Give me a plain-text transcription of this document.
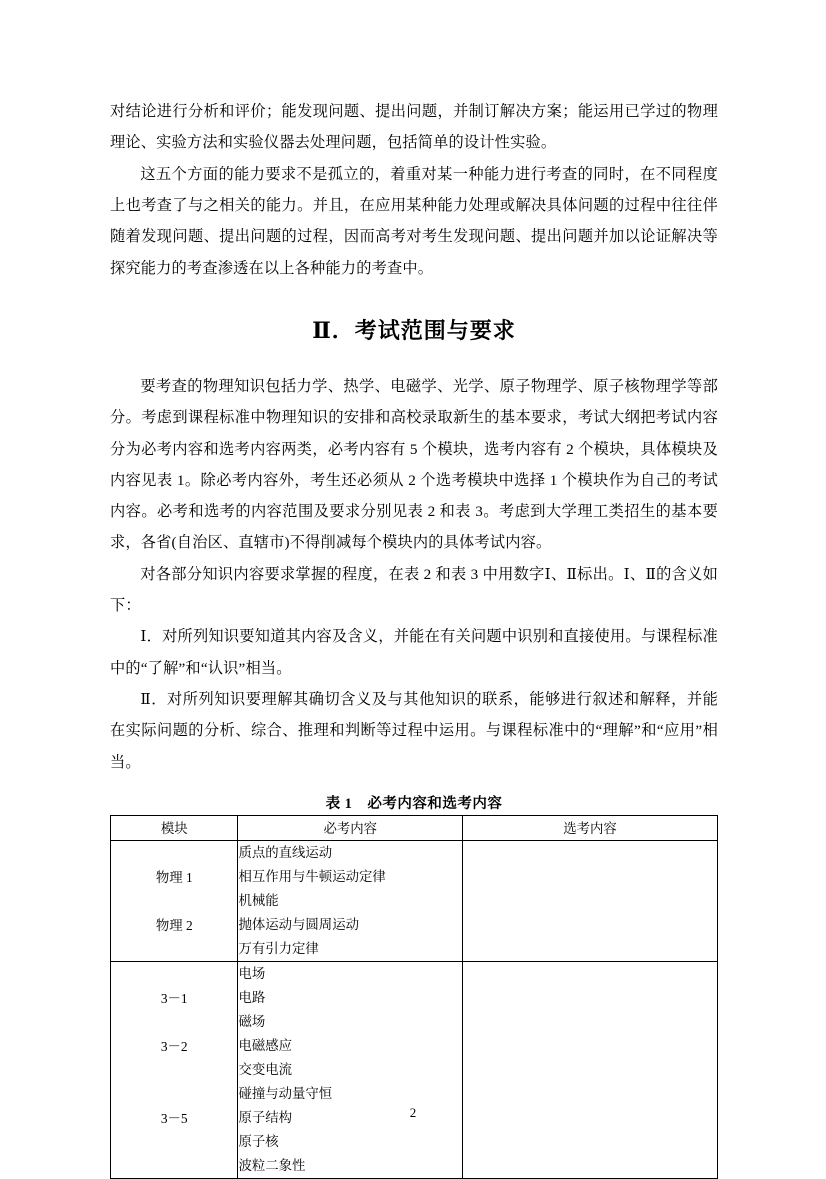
对结论进行分析和评价；能发现问题、提出问题，并制订解决方案；能运用已学过的物理理论、实验方法和实验仪器去处理问题，包括简单的设计性实验。

这五个方面的能力要求不是孤立的，着重对某一种能力进行考查的同时，在不同程度上也考查了与之相关的能力。并且，在应用某种能力处理或解决具体问题的过程中往往伴随着发现问题、提出问题的过程，因而高考对考生发现问题、提出问题并加以论证解决等探究能力的考查渗透在以上各种能力的考查中。

Ⅱ．考试范围与要求

要考查的物理知识包括力学、热学、电磁学、光学、原子物理学、原子核物理学等部分。考虑到课程标准中物理知识的安排和高校录取新生的基本要求，考试大纲把考试内容分为必考内容和选考内容两类，必考内容有 5 个模块，选考内容有 2 个模块，具体模块及内容见表 1。除必考内容外，考生还必须从 2 个选考模块中选择 1 个模块作为自己的考试内容。必考和选考的内容范围及要求分别见表 2 和表 3。考虑到大学理工类招生的基本要求，各省(自治区、直辖市)不得削减每个模块内的具体考试内容。

对各部分知识内容要求掌握的程度，在表 2 和表 3 中用数字Ⅰ、Ⅱ标出。Ⅰ、Ⅱ的含义如下：

Ⅰ．对所列知识要知道其内容及含义，并能在有关问题中识别和直接使用。与课程标准中的“了解”和“认识”相当。

Ⅱ．对所列知识要理解其确切含义及与其他知识的联系，能够进行叙述和解释，并能在实际问题的分析、综合、推理和判断等过程中运用。与课程标准中的“理解”和“应用”相当。

表 1　必考内容和选考内容
模块	必考内容	选考内容
	质点的直线运动	
物理 1	相互作用与牛顿运动定律	
	机械能	
物理 2	抛体运动与圆周运动	
	万有引力定律	
	电场	
3－1	电路	
	磁场	
3－2	电磁感应	
	交变电流	
	碰撞与动量守恒	
3－5	原子结构	
	原子核	
	波粒二象性	
2
